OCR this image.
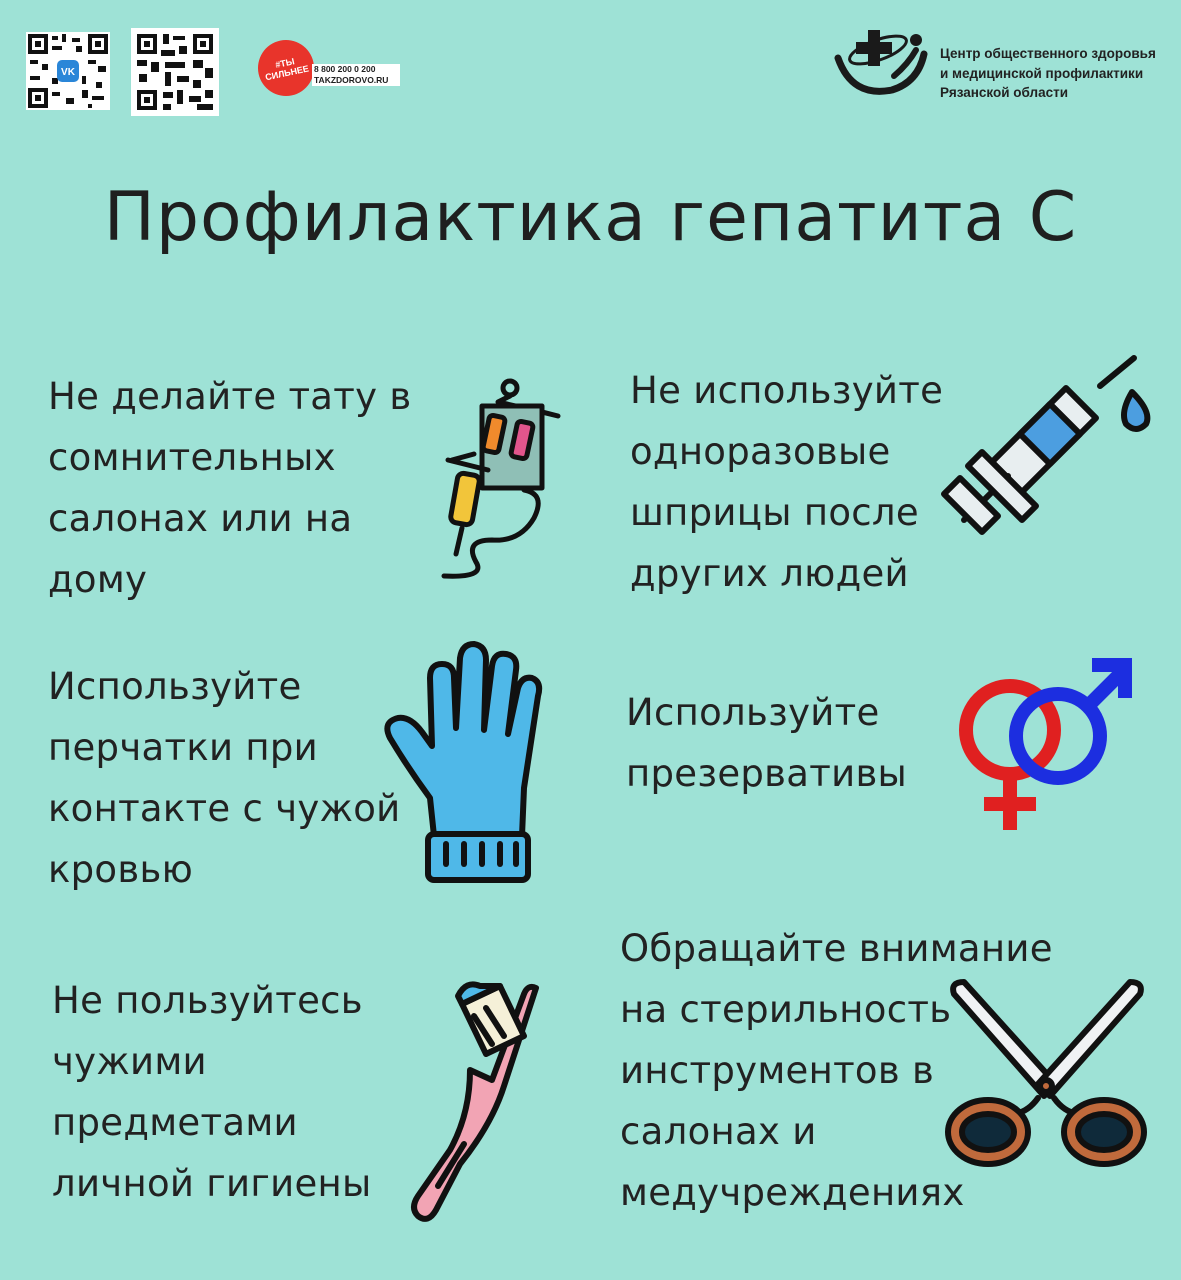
VK
#ТЫ СИЛЬНЕЕ 8 800 200 0 200
TAKZDOROVO.RU
Центр общественного здоровья
и медицинской профилактики
Рязанской области
Профилактика гепатита С
Не делайте тату в
сомнительных
салонах или на
дому
Не используйте
одноразовые
шприцы после
других людей
Используйте
перчатки при
контакте с чужой
кровью
Используйте
презервативы
Не пользуйтесь
чужими
предметами
личной гигиены
Обращайте внимание
на стерильность
инструментов в
салонах и
медучреждениях
